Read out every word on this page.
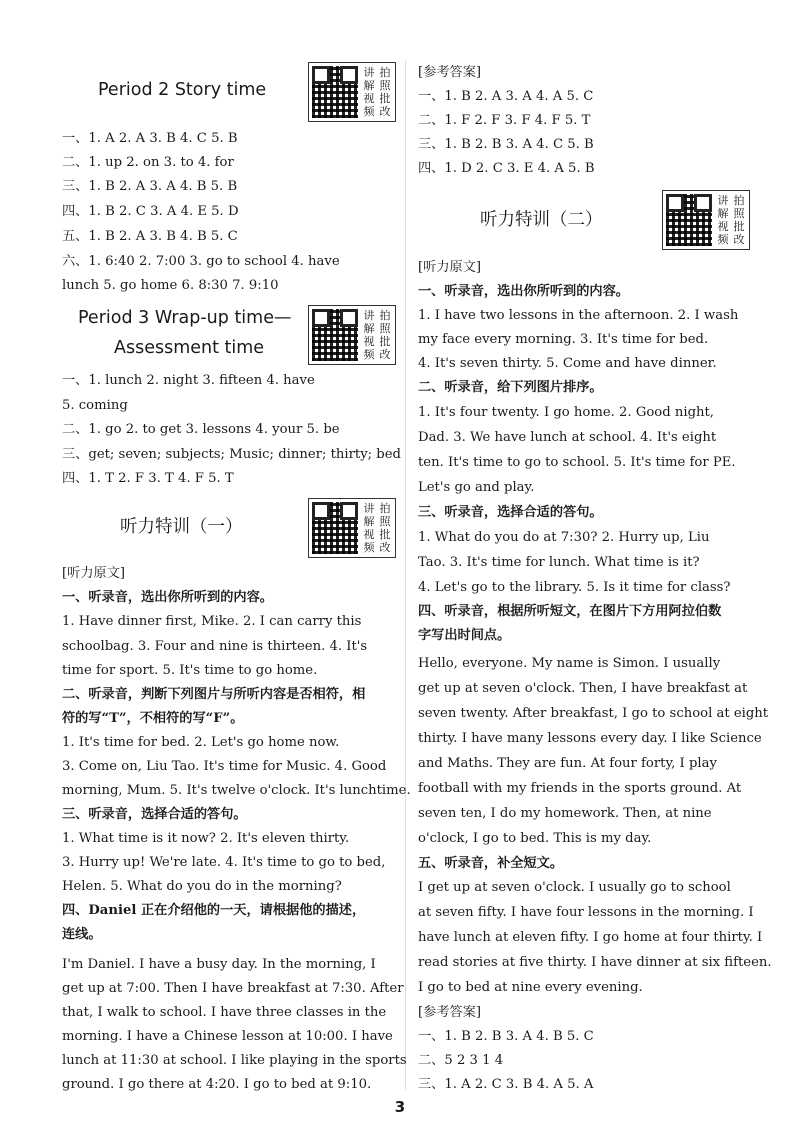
Period 2 Story time
讲 拍
解 照
视 批
频 改
一、1. A 2. A 3. B 4. C 5. B
二、1. up 2. on 3. to 4. for
三、1. B 2. A 3. A 4. B 5. B
四、1. B 2. C 3. A 4. E 5. D
五、1. B 2. A 3. B 4. B 5. C
六、1. 6:40 2. 7:00 3. go to school 4. have
lunch 5. go home 6. 8:30 7. 9:10
Period 3 Wrap-up time—
Assessment time
讲 拍
解 照
视 批
频 改
一、1. lunch 2. night 3. fifteen 4. have
5. coming
二、1. go 2. to get 3. lessons 4. your 5. be
三、get; seven; subjects; Music; dinner; thirty; bed
四、1. T 2. F 3. T 4. F 5. T
听力特训（一）
讲 拍
解 照
视 批
频 改
[听力原文]
一、听录音，选出你所听到的内容。
1. Have dinner first, Mike. 2. I can carry this
schoolbag. 3. Four and nine is thirteen. 4. It's
time for sport. 5. It's time to go home.
二、听录音，判断下列图片与所听内容是否相符，相
符的写“T”，不相符的写“F”。
1. It's time for bed. 2. Let's go home now.
3. Come on, Liu Tao. It's time for Music. 4. Good
morning, Mum. 5. It's twelve o'clock. It's lunchtime.
三、听录音，选择合适的答句。
1. What time is it now? 2. It's eleven thirty.
3. Hurry up! We're late. 4. It's time to go to bed,
Helen. 5. What do you do in the morning?
四、Daniel 正在介绍他的一天，请根据他的描述，
连线。
I'm Daniel. I have a busy day. In the morning, I
get up at 7:00. Then I have breakfast at 7:30. After
that, I walk to school. I have three classes in the
morning. I have a Chinese lesson at 10:00. I have
lunch at 11:30 at school. I like playing in the sports
ground. I go there at 4:20. I go to bed at 9:10.
[参考答案]
一、1. B 2. A 3. A 4. A 5. C
二、1. F 2. F 3. F 4. F 5. T
三、1. B 2. B 3. A 4. C 5. B
四、1. D 2. C 3. E 4. A 5. B
听力特训（二）
讲 拍
解 照
视 批
频 改
[听力原文]
一、听录音，选出你所听到的内容。
1. I have two lessons in the afternoon. 2. I wash
my face every morning. 3. It's time for bed.
4. It's seven thirty. 5. Come and have dinner.
二、听录音，给下列图片排序。
1. It's four twenty. I go home. 2. Good night,
Dad. 3. We have lunch at school. 4. It's eight
ten. It's time to go to school. 5. It's time for PE.
Let's go and play.
三、听录音，选择合适的答句。
1. What do you do at 7:30? 2. Hurry up, Liu
Tao. 3. It's time for lunch. What time is it?
4. Let's go to the library. 5. Is it time for class?
四、听录音，根据所听短文，在图片下方用阿拉伯数
字写出时间点。
Hello, everyone. My name is Simon. I usually
get up at seven o'clock. Then, I have breakfast at
seven twenty. After breakfast, I go to school at eight
thirty. I have many lessons every day. I like Science
and Maths. They are fun. At four forty, I play
football with my friends in the sports ground. At
seven ten, I do my homework. Then, at nine
o'clock, I go to bed. This is my day.
五、听录音，补全短文。
I get up at seven o'clock. I usually go to school
at seven fifty. I have four lessons in the morning. I
have lunch at eleven fifty. I go home at four thirty. I
read stories at five thirty. I have dinner at six fifteen.
I go to bed at nine every evening.
[参考答案]
一、1. B 2. B 3. A 4. B 5. C
二、5 2 3 1 4
三、1. A 2. C 3. B 4. A 5. A
3
